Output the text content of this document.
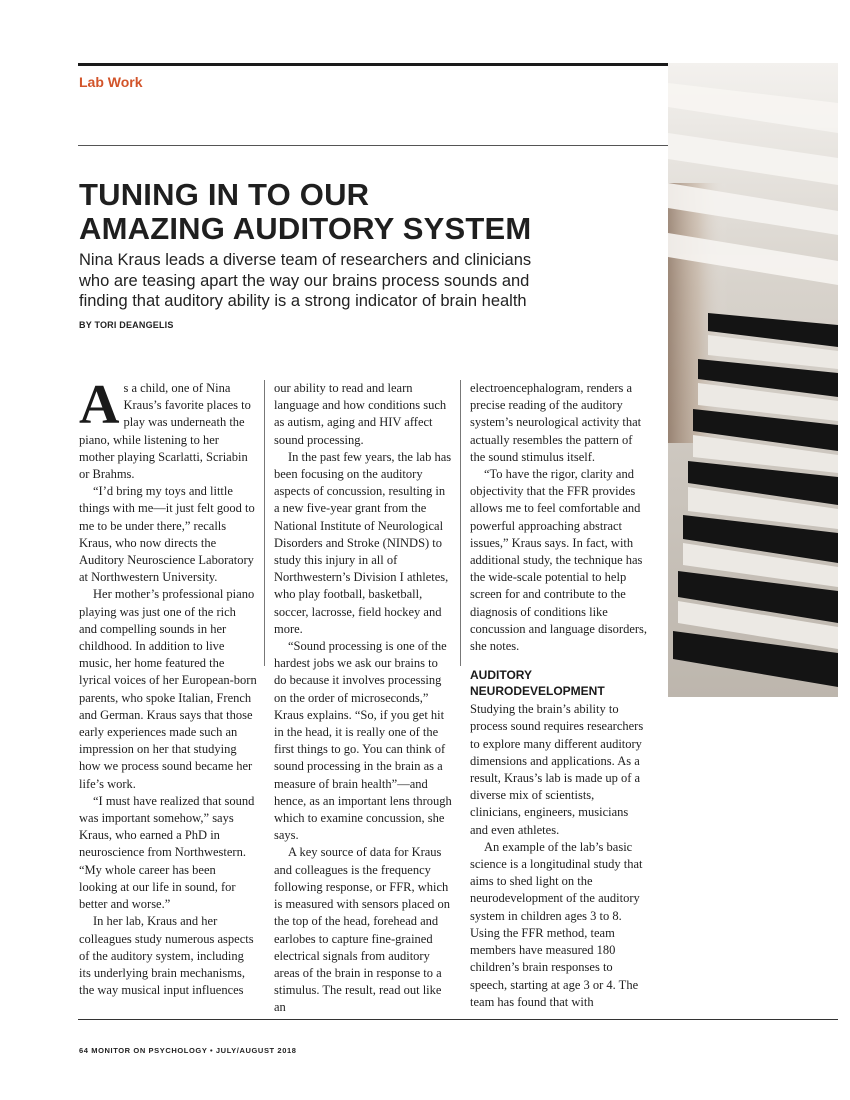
Lab Work
TUNING IN TO OUR
AMAZING AUDITORY SYSTEM

Nina Kraus leads a diverse team of researchers and clinicians who are teasing apart the way our brains process sounds and finding that auditory ability is a strong indicator of brain health

BY TORI DEANGELIS

As a child, one of Nina Kraus’s favorite places to play was underneath the piano, while listening to her mother playing Scarlatti, Scriabin or Brahms.

“I’d bring my toys and little things with me—it just felt good to me to be under there,” recalls Kraus, who now directs the Auditory Neuroscience Laboratory at Northwestern University.

Her mother’s professional piano playing was just one of the rich and compelling sounds in her childhood. In addition to live music, her home featured the lyrical voices of her European-born parents, who spoke Italian, French and German. Kraus says that those early experiences made such an impression on her that studying how we process sound became her life’s work.

“I must have realized that sound was important somehow,” says Kraus, who earned a PhD in neuroscience from Northwestern. “My whole career has been looking at our life in sound, for better and worse.”

In her lab, Kraus and her colleagues study numerous aspects of the auditory system, including its underlying brain mechanisms, the way musical input influences

our ability to read and learn language and how conditions such as autism, aging and HIV affect sound processing.

In the past few years, the lab has been focusing on the auditory aspects of concussion, resulting in a new five-year grant from the National Institute of Neurological Disorders and Stroke (NINDS) to study this injury in all of Northwestern’s Division I athletes, who play football, basketball, soccer, lacrosse, field hockey and more.

“Sound processing is one of the hardest jobs we ask our brains to do because it involves processing on the order of microseconds,” Kraus explains. “So, if you get hit in the head, it is really one of the first things to go. You can think of sound processing in the brain as a measure of brain health”—and hence, as an important lens through which to examine concussion, she says.

A key source of data for Kraus and colleagues is the frequency following response, or FFR, which is measured with sensors placed on the top of the head, forehead and earlobes to capture fine-grained electrical signals from auditory areas of the brain in response to a stimulus. The result, read out like an

electroencephalogram, renders a precise reading of the auditory system’s neurological activity that actually resembles the pattern of the sound stimulus itself.

“To have the rigor, clarity and objectivity that the FFR provides allows me to feel comfortable and powerful approaching abstract issues,” Kraus says. In fact, with additional study, the technique has the wide-scale potential to help screen for and contribute to the diagnosis of conditions like concussion and language disorders, she notes.

AUDITORY
NEURODEVELOPMENT

Studying the brain’s ability to process sound requires researchers to explore many different auditory dimensions and applications. As a result, Kraus’s lab is made up of a diverse mix of scientists, clinicians, engineers, musicians and even athletes.

An example of the lab’s basic science is a longitudinal study that aims to shed light on the neurodevelopment of the auditory system in children ages 3 to 8. Using the FFR method, team members have measured 180 children’s brain responses to speech, starting at age 3 or 4. The team has found that with

64 MONITOR ON PSYCHOLOGY • JULY/AUGUST 2018
